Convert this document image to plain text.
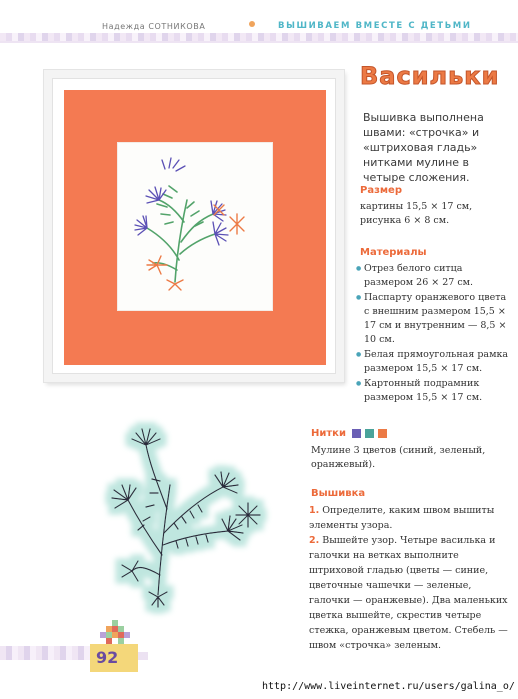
Надежда СОТНИКОВА	ВЫШИВАЕМ ВМЕСТЕ С ДЕТЬМИ
Васильки
Вышивка выполнена швами: «строчка» и «штриховая гладь» нитками мулине в четыре сложения.
Размер
картины 15,5 × 17 см,
рисунка 6 × 8 см.
Материалы
● Отрез белого ситца размером 26 × 27 см.
● Паспарту оранжевого цвета с внешним размером 15,5 × 17 см и внутренним — 8,5 × 10 см.
● Белая прямоугольная рамка размером 15,5 × 17 см.
● Картонный подрамник размером 15,5 × 17 см.
Нитки
Мулине 3 цветов (синий, зеленый, оранжевый).
Вышивка
1. Определите, каким швом вышиты элементы узора.
2. Вышейте узор. Четыре василька и галочки на ветках выполните штриховой гладью (цветы — синие, цветочные чашечки — зеленые, галочки — оранжевые). Два маленьких цветка вышейте, скрестив четыре стежка, оранжевым цветом. Стебель — швом «строчка» зеленым.
92
http://www.liveinternet.ru/users/galina_o/
